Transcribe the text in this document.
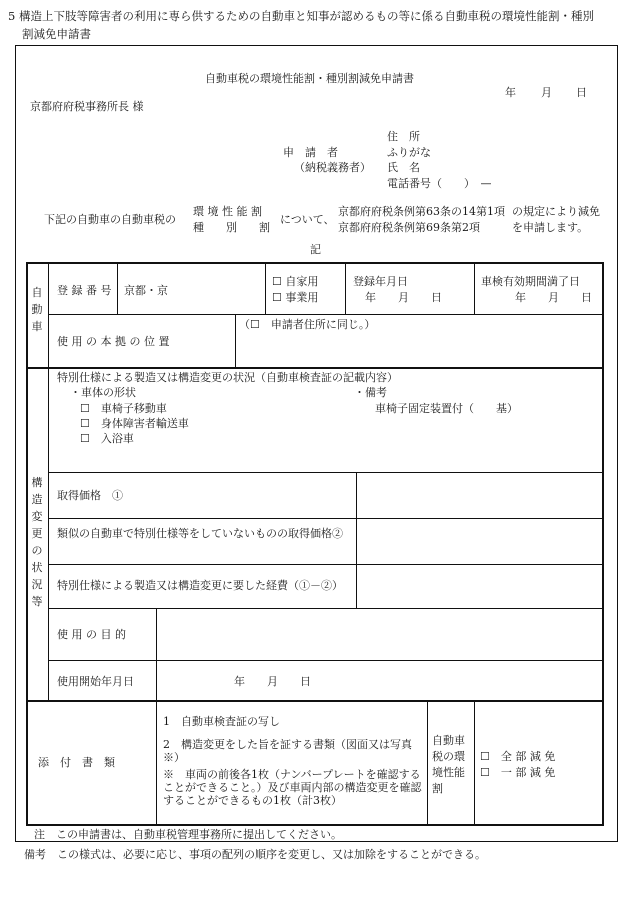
5 構造上下肢等障害者の利用に専ら供するための自動車と知事が認めるもの等に係る自動車税の環境性能割・種別
割減免申請書
自動車税の環境性能割・種別割減免申請書
年 月 日
京都府府税事務所長 様
住　所
申　請　者	ふりがな
（納税義務者） 氏　名
電話番号（　　）　—
下記の自動車の自動車税の
環 境 性 能 割
種　　別　　割
について、
京都府府税条例第63条の14第1項
京都府府税条例第69条第2項
の規定により減免
を申請します。
記
自動車
登 録 番 号 京都・京
☐ 自家用
☐ 事業用
登録年月日
年　　月　　日
車検有効期間満了日
年　　月　　日
（☐　申請者住所に同じ。）
使 用 の 本 拠 の 位 置
構造変更の状況等
特別仕様による製造又は構造変更の状況（自動車検査証の記載内容）
・車体の形状
☐　車椅子移動車
☐　身体障害者輸送車
☐　入浴車
・備考
車椅子固定装置付（　　基）
取得価格　①
類似の自動車で特別仕様等をしていないものの取得価格②
特別仕様による製造又は構造変更に要した経費（①－②）
使 用 の 目 的
使用開始年月日	年　　月　　日
添　付　書　類
1　自動車検査証の写し
2　構造変更をした旨を証する書類（図面又は写真※）
※　車両の前後各1枚（ナンバープレートを確認することができること。）及び車両内部の構造変更を確認することができるもの1枚（計3枚）
自動車税の環境性能割
☐　全 部 減 免
☐　一 部 減 免
注　この申請書は、自動車税管理事務所に提出してください。
備考　この様式は、必要に応じ、事項の配列の順序を変更し、又は加除をすることができる。
